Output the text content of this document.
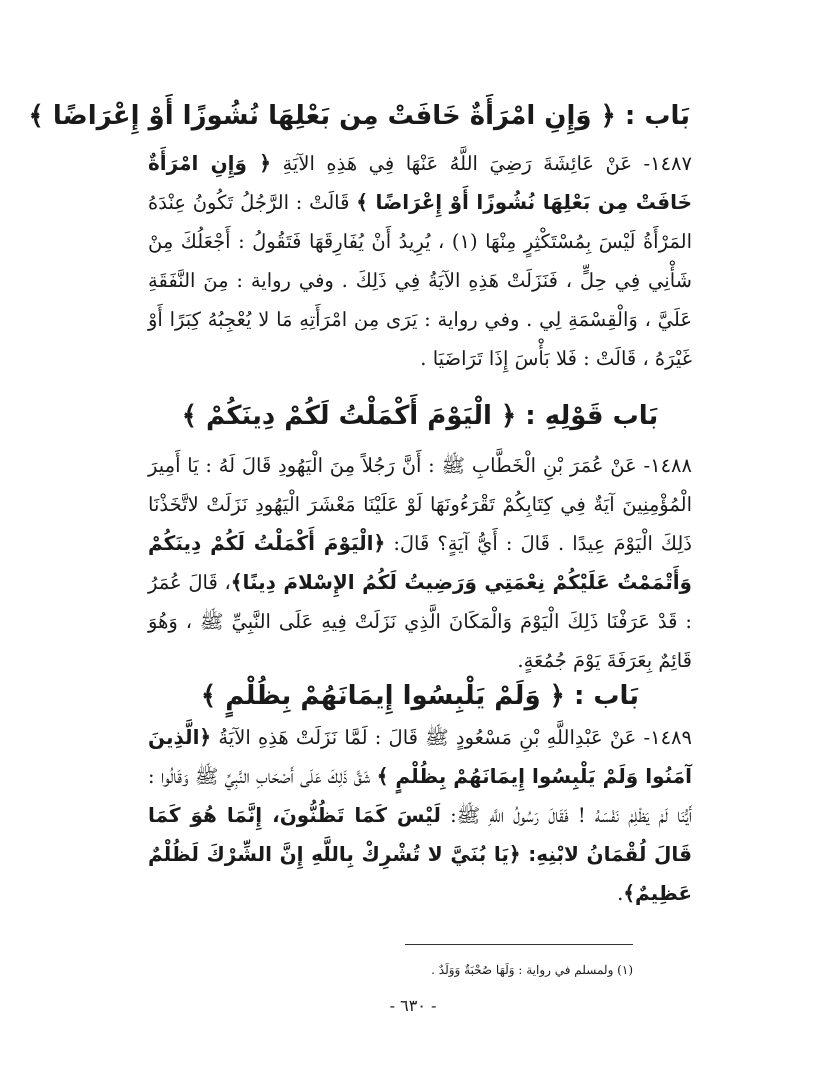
بَاب : ﴿ وَإِنِ امْرَأَةٌ خَافَتْ مِن بَعْلِهَا نُشُوزًا أَوْ إِعْرَاضًا ﴾
١٤٨٧- عَنْ عَائِشَةَ رَضِيَ اللَّهُ عَنْهَا فِي هَذِهِ الآيَةِ ﴿ وَإِنِ امْرَأَةٌ خَافَتْ مِن بَعْلِهَا نُشُوزًا أَوْ إِعْرَاضًا ﴾ قَالَتْ : الرَّجُلُ تَكُونُ عِنْدَهُ المَرْأَةُ لَيْسَ بِمُسْتَكْثِرٍ مِنْهَا (١) ، يُرِيدُ أَنْ يُفَارِقَهَا فَتَقُولُ : أَجْعَلُكَ مِنْ شَأْنِي فِي حِلٍّ ، فَنَزَلَتْ هَذِهِ الآيَةُ فِي ذَلِكَ . وفي رواية : مِنَ النَّفَقَةِ عَلَيَّ ، وَالْقِسْمَةِ لِي . وفي رواية : يَرَى مِن امْرَأَتِهِ مَا لا يُعْجِبُهُ كِبَرًا أَوْ غَيْرَهُ ، قَالَتْ : فَلا بَأْسَ إِذَا تَرَاضَيَا .
بَاب قَوْلِهِ : ﴿ الْيَوْمَ أَكْمَلْتُ لَكُمْ دِينَكُمْ ﴾
١٤٨٨- عَنْ عُمَرَ بْنِ الْخَطَّابِ ﷺ : أَنَّ رَجُلاً مِنَ الْيَهُودِ قَالَ لَهُ : يَا أَمِيرَ الْمُؤْمِنِينَ آيَةٌ فِي كِتَابِكُمْ تَقْرَءُونَهَا لَوْ عَلَيْنَا مَعْشَرَ الْيَهُودِ نَزَلَتْ لاتَّخَذْنَا ذَلِكَ الْيَوْمَ عِيدًا . قَالَ : أَيُّ آيَةٍ؟ قَالَ: ﴿الْيَوْمَ أَكْمَلْتُ لَكُمْ دِينَكُمْ وَأَتْمَمْتُ عَلَيْكُمْ نِعْمَتِي وَرَضِيتُ لَكُمُ الإِسْلامَ دِينًا﴾، قَالَ عُمَرُ : قَدْ عَرَفْنَا ذَلِكَ الْيَوْمَ وَالْمَكَانَ الَّذِي نَزَلَتْ فِيهِ عَلَى النَّبِيِّ ﷺ ، وَهُوَ قَائِمٌ بِعَرَفَةَ يَوْمَ جُمُعَةٍ.
بَاب : ﴿ وَلَمْ يَلْبِسُوا إِيمَانَهُمْ بِظُلْمٍ ﴾
١٤٨٩- عَنْ عَبْدِاللَّهِ بْنِ مَسْعُودٍ ﷺ قَالَ : لَمَّا نَزَلَتْ هَذِهِ الآيَةُ ﴿الَّذِينَ آمَنُوا وَلَمْ يَلْبِسُوا إِيمَانَهُمْ بِظُلْمٍ ﴾ شَقَّ ذَلِكَ عَلَى أَصْحَابِ النَّبِيِّ ﷺ وَقَالُوا : أَيُّنَا لَمْ يَظْلِمْ نَفْسَهُ ! فَقَالَ رَسُولُ اللَّهِ ﷺ: لَيْسَ كَمَا تَظُنُّونَ، إِنَّمَا هُوَ كَمَا قَالَ لُقْمَانُ لابْنِهِ: ﴿يَا بُنَيَّ لا تُشْرِكْ بِاللَّهِ إِنَّ الشِّرْكَ لَظُلْمٌ عَظِيمٌ﴾.
(١) ولمسلم في رواية : وَلَهَا صُحْبَةٌ وَوَلَدٌ .
- ٦٣٠ -
